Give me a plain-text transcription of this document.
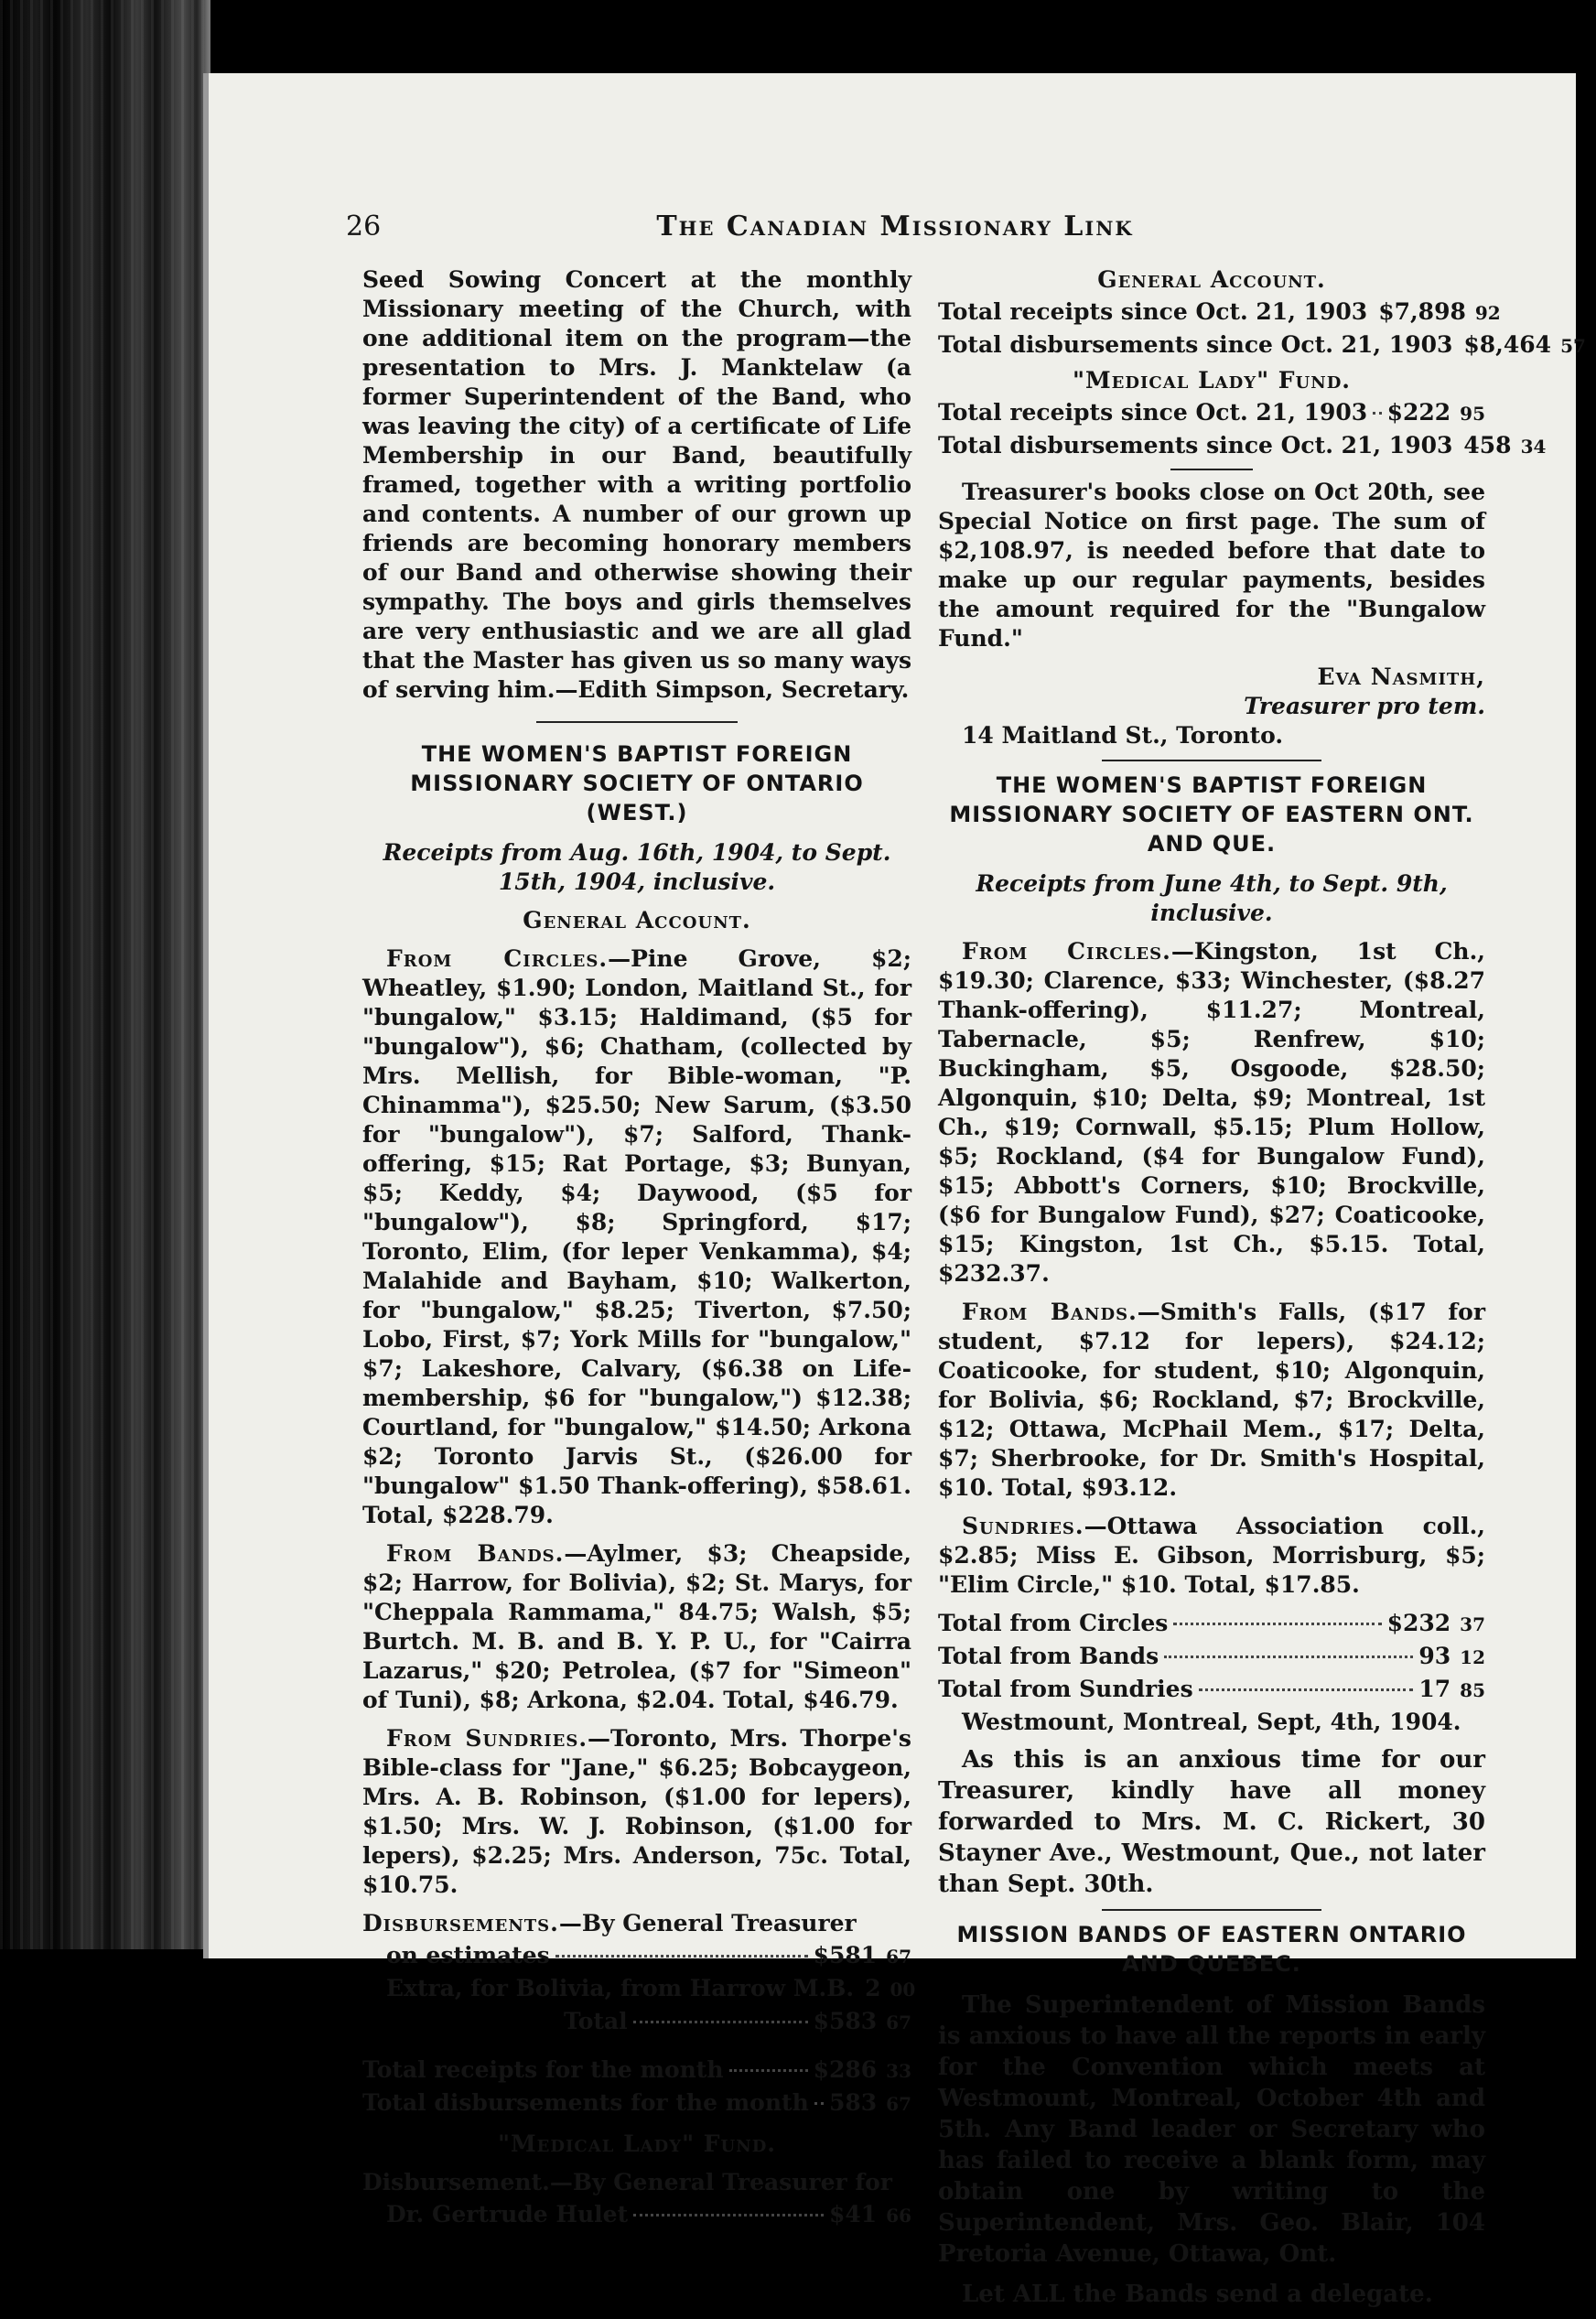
The Canadian Missionary Link
26

Seed Sowing Concert at the monthly Missionary meeting of the Church, with one additional item on the program—the presentation to Mrs. J. Manktelaw (a former Superintendent of the Band, who was leaving the city) of a certificate of Life Membership in our Band, beautifully framed, together with a writing portfolio and contents. A number of our grown up friends are becoming honorary members of our Band and otherwise showing their sympathy. The boys and girls themselves are very enthusiastic and we are all glad that the Master has given us so many ways of serving him.—Edith Simpson, Secretary.

THE WOMEN'S BAPTIST FOREIGN MISSIONARY SOCIETY OF ONTARIO (WEST.)

Receipts from Aug. 16th, 1904, to Sept. 15th, 1904, inclusive.

General Account.

From Circles.—Pine Grove, $2; Wheatley, $1.90; London, Maitland St., for "bungalow," $3.15; Haldimand, ($5 for "bungalow"), $6; Chatham, (collected by Mrs. Mellish, for Bible-woman, "P. Chinamma"), $25.50; New Sarum, ($3.50 for "bungalow"), $7; Salford, Thank-offering, $15; Rat Portage, $3; Bunyan, $5; Keddy, $4; Daywood, ($5 for "bungalow"), $8; Springford, $17; Toronto, Elim, (for leper Venkamma), $4; Malahide and Bayham, $10; Walkerton, for "bungalow," $8.25; Tiverton, $7.50; Lobo, First, $7; York Mills for "bungalow," $7; Lakeshore, Calvary, ($6.38 on Life-membership, $6 for "bungalow,") $12.38; Courtland, for "bungalow," $14.50; Arkona $2; Toronto Jarvis St., ($26.00 for "bungalow" $1.50 Thank-offering), $58.61. Total, $228.79.

From Bands.—Aylmer, $3; Cheapside, $2; Harrow, for Bolivia), $2; St. Marys, for "Cheppala Rammama," 84.75; Walsh, $5; Burtch. M. B. and B. Y. P. U., for "Cairra Lazarus," $20; Petrolea, ($7 for "Simeon" of Tuni), $8; Arkona, $2.04. Total, $46.79.

From Sundries.—Toronto, Mrs. Thorpe's Bible-class for "Jane," $6.25; Bobcaygeon, Mrs. A. B. Robinson, ($1.00 for lepers), $1.50; Mrs. W. J. Robinson, ($1.00 for lepers), $2.25; Mrs. Anderson, 75c. Total, $10.75.

Disbursements.—By General Treasurer

on estimates	$581 67
Extra, for Bolivia, from Harrow M.B. 2 00
Total	$583 67
Total receipts for the month	$286 33
Total disbursements for the month 583 67

"Medical Lady" Fund.

Disbursement.—By General Treasurer for

Dr. Gertrude Hulet	$41 66

General Account.

Total receipts since Oct. 21, 1903 $7,898 92
Total disbursements since Oct. 21, 1903 $8,464 57

"Medical Lady" Fund.

Total receipts since Oct. 21, 1903 $222 95
Total disbursements since Oct. 21, 1903 458 34

Treasurer's books close on Oct 20th, see Special Notice on first page. The sum of $2,108.97, is needed before that date to make up our regular payments, besides the amount required for the "Bungalow Fund."

Eva Nasmith,

Treasurer pro tem.

14 Maitland St., Toronto.

THE WOMEN'S BAPTIST FOREIGN MISSIONARY SOCIETY OF EASTERN ONT. AND QUE.

Receipts from June 4th, to Sept. 9th, inclusive.

From Circles.—Kingston, 1st Ch., $19.30; Clarence, $33; Winchester, ($8.27 Thank-offering), $11.27; Montreal, Tabernacle, $5; Renfrew, $10; Buckingham, $5, Osgoode, $28.50; Algonquin, $10; Delta, $9; Montreal, 1st Ch., $19; Cornwall, $5.15; Plum Hollow, $5; Rockland, ($4 for Bungalow Fund), $15; Abbott's Corners, $10; Brockville, ($6 for Bungalow Fund), $27; Coaticooke, $15; Kingston, 1st Ch., $5.15. Total, $232.37.

From Bands.—Smith's Falls, ($17 for student, $7.12 for lepers), $24.12; Coaticooke, for student, $10; Algonquin, for Bolivia, $6; Rockland, $7; Brockville, $12; Ottawa, McPhail Mem., $17; Delta, $7; Sherbrooke, for Dr. Smith's Hospital, $10. Total, $93.12.

Sundries.—Ottawa Association coll., $2.85; Miss E. Gibson, Morrisburg, $5; "Elim Circle," $10. Total, $17.85.

Total from Circles	$232 37
Total from Bands	93 12
Total from Sundries	17 85

Westmount, Montreal, Sept, 4th, 1904.

As this is an anxious time for our Treasurer, kindly have all money forwarded to Mrs. M. C. Rickert, 30 Stayner Ave., Westmount, Que., not later than Sept. 30th.

MISSION BANDS OF EASTERN ONTARIO AND QUEBEC.

The Superintendent of Mission Bands is anxious to have all the reports in early for the Convention which meets at Westmount, Montreal, October 4th and 5th. Any Band leader or Secretary who has failed to receive a blank form, may obtain one by writing to the Superintendent, Mrs. Geo. Blair, 104 Pretoria Avenue, Ottawa, Ont.

Let ALL the Bands send a delegate.
